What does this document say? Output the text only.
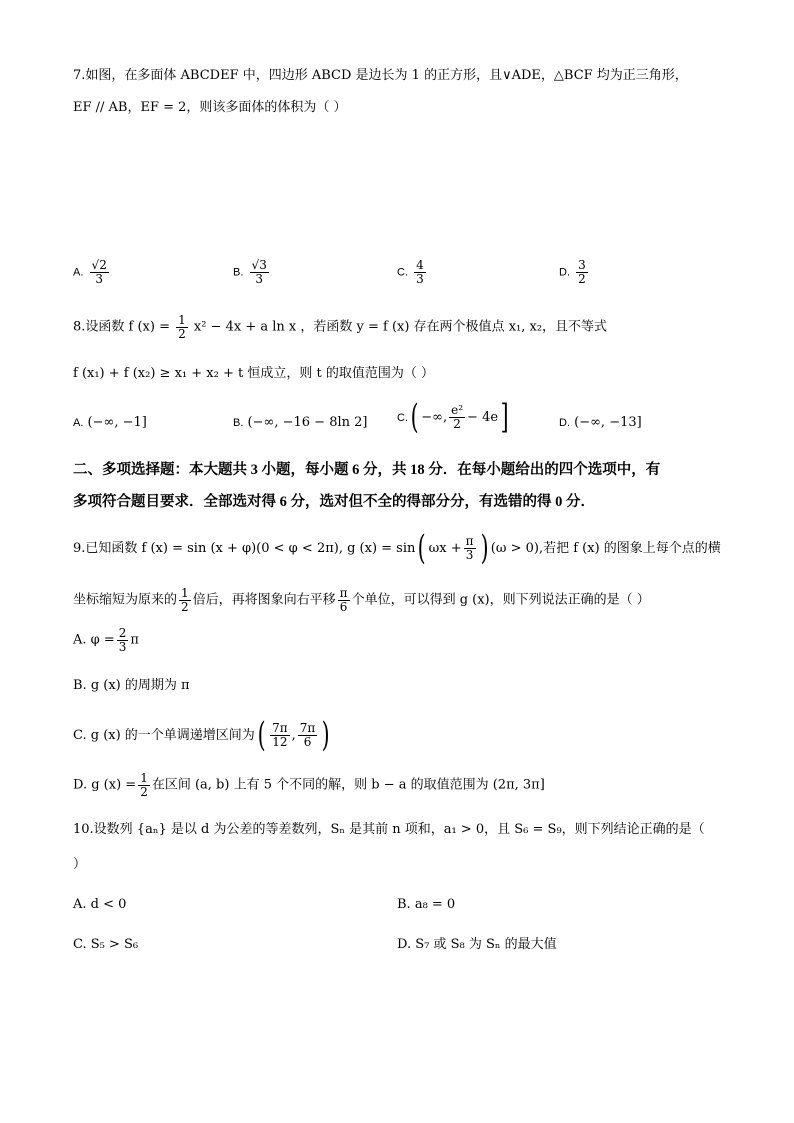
7.如图，在多面体 ABCDEF 中，四边形 ABCD 是边长为 1 的正方形，且∨ADE，△BCF 均为正三角形，
EF // AB，EF = 2，则该多面体的体积为（ ）
A. $\frac{√2}{3}$	B. $\frac{√3}{3}$	C. $\frac{4}{3}$	D. $\frac{3}{2}$
8.设函数 f $(x) = \frac{1}{2} x^2 - 4x + a$ ln x ，若函数 y = f (x) 存在两个极值点 x₁, x₂，且不等式
f (x₁) + f (x₂) ≥ x₁ + x₂ + t 恒成立，则 t 的取值范围为（ ）
A. (−∞, −1]	B. (−∞, −16 − 8ln 2]	C.( −∞, $\frac{\text{e²}}{2} - 4e$]	D. (−∞, −13]
二、多项选择题：本大题共 3 小题，每小题 6 分，共 18 分．在每小题给出的四个选项中，有
多项符合题目要求．全部选对得 6 分，选对但不全的得部分分，有选错的得 0 分．
9.已知函数 f (x) = sin (x + φ)(0 < φ < 2π), g (x) = sin( $\omega x + \frac{\pi}{3}$ ) (ω > 0),若把 f (x) 的图象上每个点的横
坐标缩短为原来的 $\frac{1}{2}$ 倍后，再将图象向右平移 $\frac{\pi}{6}$ 个单位，可以得到 g (x)，则下列说法正确的是（ ）
A. $\varphi = \frac{2}{3}$ π
B. g (x) 的周期为 π
C. g (x) 的一个单调递增区间为( $\frac{7\pi}{12}$ , $\frac{7\pi}{6}$ )
D. g $(x) = \frac{1}{2}$ 在区间 (a, b) 上有 5 个不同的解，则 b − a 的取值范围为 (2π, 3π]
10.设数列 {aₙ} 是以 d 为公差的等差数列，Sₙ 是其前 n 项和，a₁ > 0，且 S₆ = S₉，则下列结论正确的是（
）
A. d < 0	B. a₈ = 0
C. S₅ > S₆	D. S₇ 或 S₈ 为 Sₙ 的最大值
